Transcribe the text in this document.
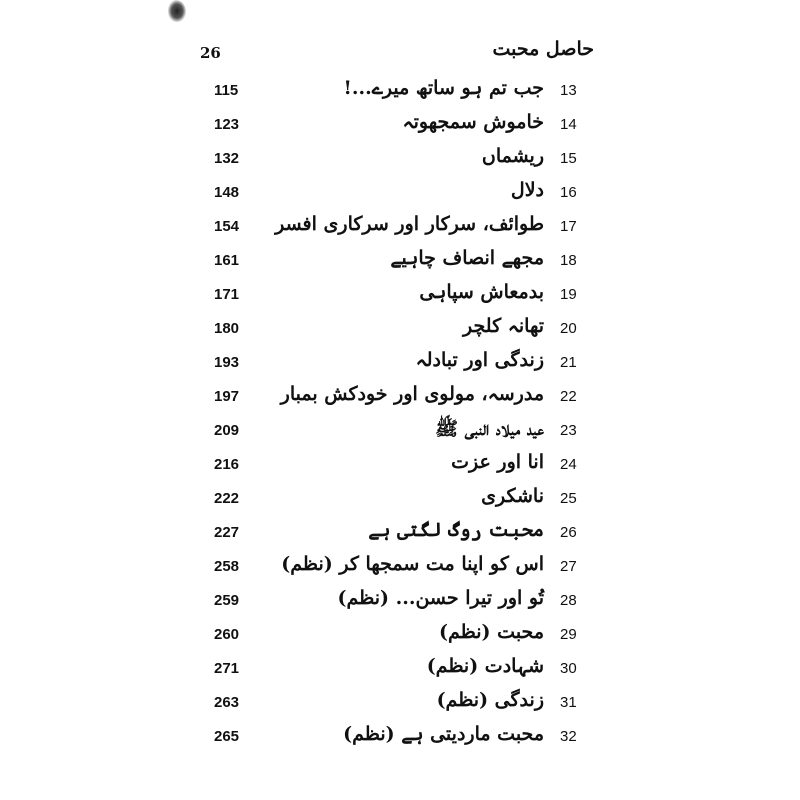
26	حاصل محبت
115	جب تم ہو ساتھ میرے...! 13
123	خاموش سمجھوتہ 14
132	ریشماں 15
148	دلال 16
154 طوائف، سرکار اور سرکاری افسر 17
161	مجھے انصاف چاہیے 18
171	بدمعاش سپاہی 19
180	تھانہ کلچر 20
193	زندگی اور تبادلہ 21
197 مدرسہ، مولوی اور خودکش بمبار 22
209	عید میلاد النبی ﷺ 23
216	انا اور عزت 24
222	ناشکری 25
227	محبت روگ لگتی ہے 26
258 اس کو اپنا مت سمجھا کر (نظم) 27
259	تُو اور تیرا حسن... (نظم) 28
260	محبت (نظم) 29
271	شہادت (نظم) 30
263	زندگی (نظم) 31
265	محبت ماردیتی ہے (نظم) 32
